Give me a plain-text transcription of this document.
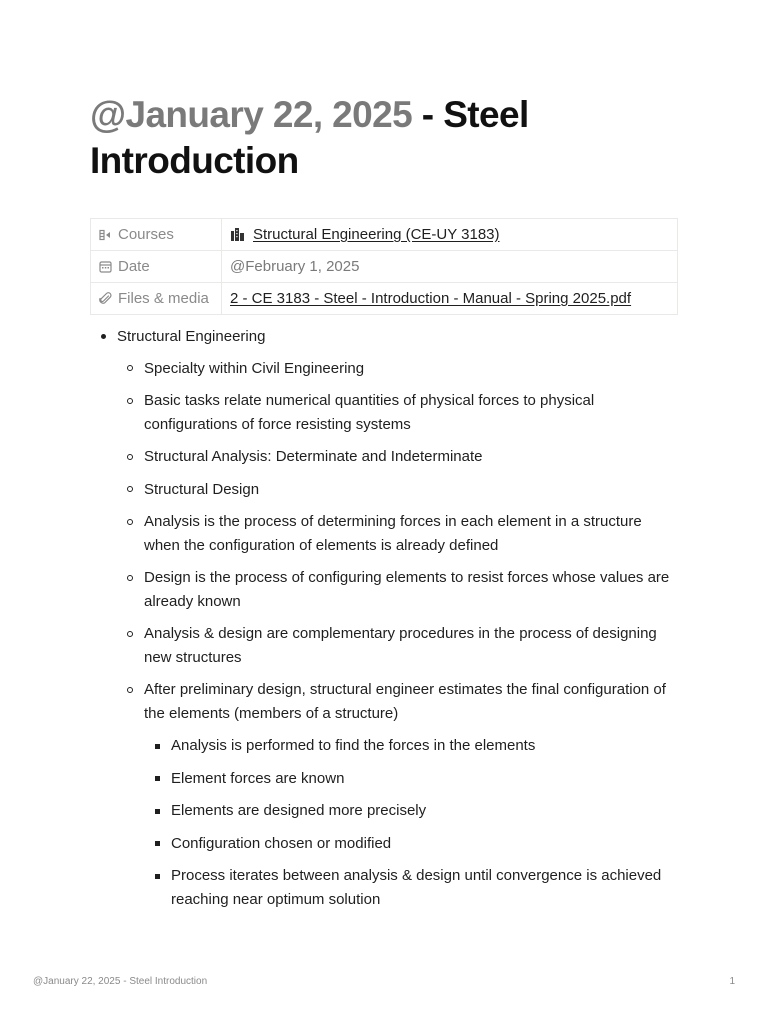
@January 22, 2025 - Steel Introduction
Courses	Structural Engineering (CE-UY 3183)
Date	@February 1, 2025
Files & media	2 - CE 3183 - Steel - Introduction - Manual - Spring 2025.pdf
Structural Engineering
Specialty within Civil Engineering
Basic tasks relate numerical quantities of physical forces to physical configurations of force resisting systems
Structural Analysis: Determinate and Indeterminate
Structural Design
Analysis is the process of determining forces in each element in a structure when the configuration of elements is already defined
Design is the process of configuring elements to resist forces whose values are already known
Analysis & design are complementary procedures in the process of designing new structures
After preliminary design, structural engineer estimates the final configuration of the elements (members of a structure)
Analysis is performed to find the forces in the elements
Element forces are known
Elements are designed more precisely
Configuration chosen or modified
Process iterates between analysis & design until convergence is achieved reaching near optimum solution
@January 22, 2025 - Steel Introduction	1
